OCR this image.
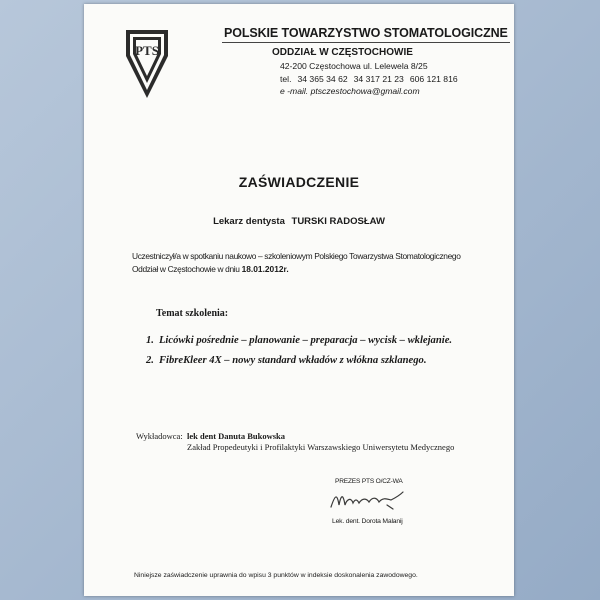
PTS
POLSKIE TOWARZYSTWO STOMATOLOGICZNE
ODDZIAŁ W CZĘSTOCHOWIE
42-200 Częstochowa ul. Lelewela 8/25
tel. 34 365 34 62 34 317 21 23 606 121 816
e -mail. ptsczestochowa@gmail.com
ZAŚWIADCZENIE
Lekarz dentysta TURSKI RADOSŁAW
Uczestniczył/a w spotkaniu naukowo – szkoleniowym Polskiego Towarzystwa Stomatologicznego Oddział w Częstochowie w dniu 18.01.2012r.
Temat szkolenia:
1. Licówki pośrednie – planowanie – preparacja – wycisk – wklejanie.
2. FibreKleer 4X – nowy standard wkładów z włókna szklanego.
Wykładowca: lek dent Danuta Bukowska
Zakład Propedeutyki i Profilaktyki Warszawskiego Uniwersytetu Medycznego
PREZES PTS O/CZ-WA
Lek. dent. Dorota Malanij
Niniejsze zaświadczenie uprawnia do wpisu 3 punktów w indeksie doskonalenia zawodowego.
